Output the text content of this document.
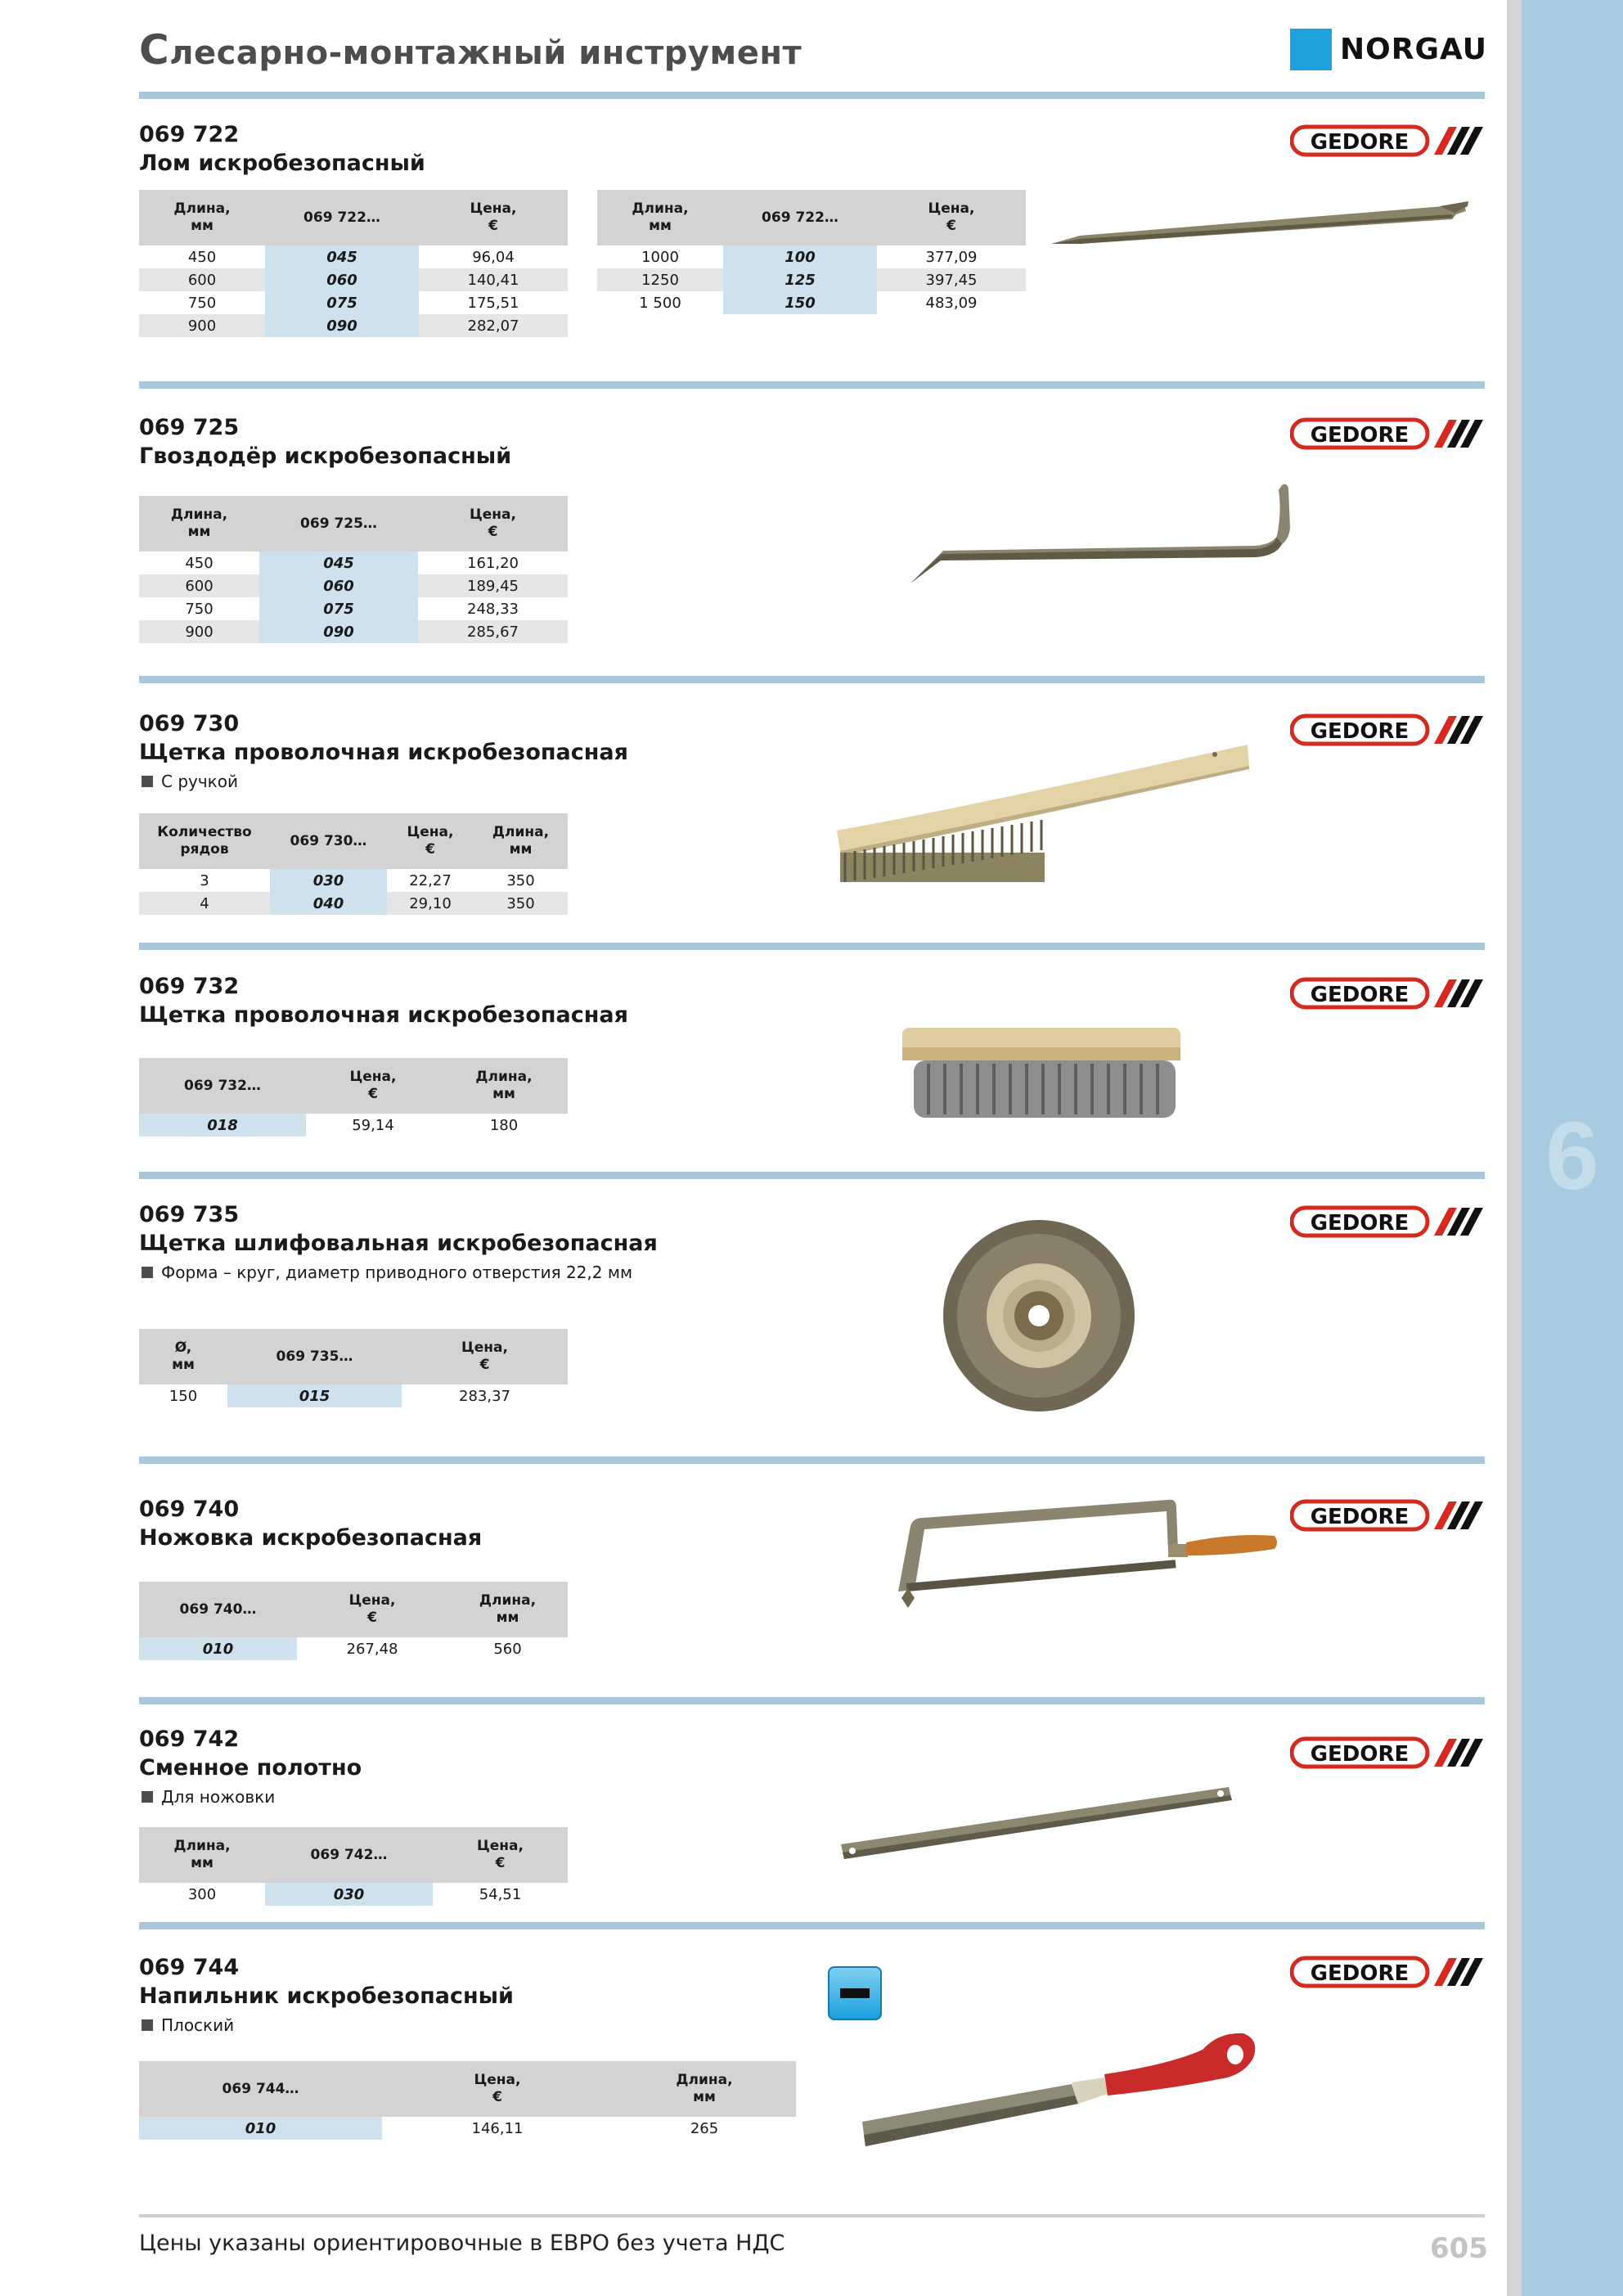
6
Слесарно-монтажный инструмент	NORGAU
069 722
Лом искробезопасный
GEDORE
Длина,
мм	069 722…	Цена,
€
450	045	96,04
600	060	140,41
750	075	175,51
900	090	282,07
Длина,
мм	069 722…	Цена,
€
1000	100	377,09
1250	125	397,45
1 500	150	483,09
069 725
Гвоздодёр искробезопасный
GEDORE
Длина,
мм	069 725…	Цена,
€
450	045	161,20
600	060	189,45
750	075	248,33
900	090	285,67
069 730
Щетка проволочная искробезопасная
С ручкой
GEDORE
Количество
рядов	069 730…	Цена,
€	Длина,
мм
3	030	22,27	350
4	040	29,10	350
069 732
Щетка проволочная искробезопасная
GEDORE
069 732…	Цена,
€	Длина,
мм
018	59,14	180
069 735
Щетка шлифовальная искробезопасная
Форма – круг, диаметр приводного отверстия 22,2 мм
GEDORE
Ø,
мм	069 735…	Цена,
€
150	015	283,37
069 740
Ножовка искробезопасная
GEDORE
069 740…	Цена,
€	Длина,
мм
010	267,48	560
069 742
Сменное полотно
Для ножовки
GEDORE
Длина,
мм	069 742…	Цена,
€
300	030	54,51
069 744
Напильник искробезопасный
Плоский
GEDORE
069 744…	Цена,
€	Длина,
мм
010	146,11	265
Цены указаны ориентировочные в ЕВРО без учета НДС	605
